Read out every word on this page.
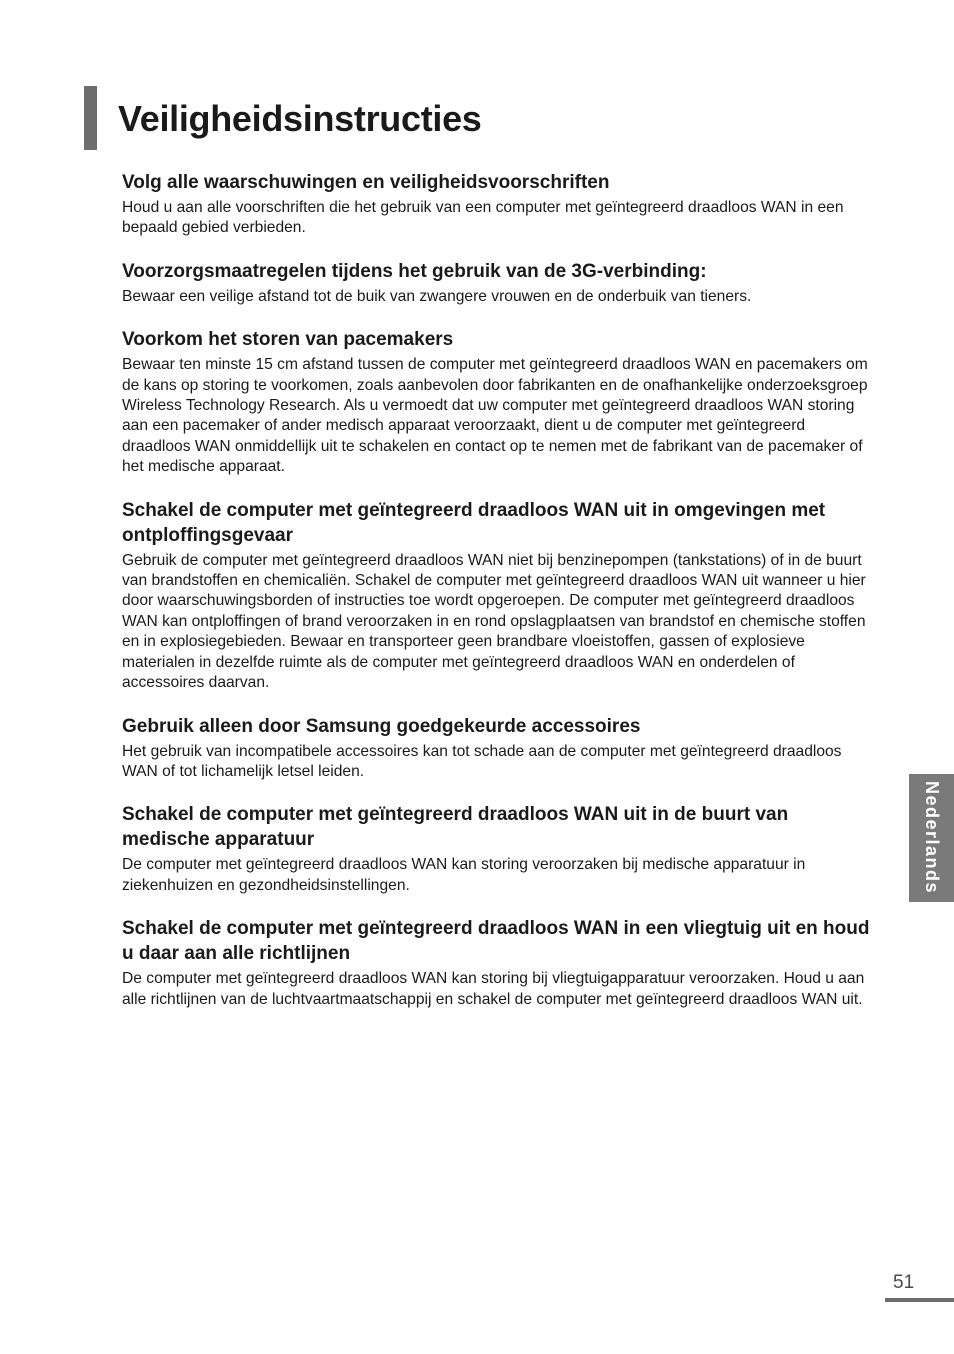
Veiligheidsinstructies
Volg alle waarschuwingen en veiligheidsvoorschriften

Houd u aan alle voorschriften die het gebruik van een computer met geïntegreerd draadloos WAN in een bepaald gebied verbieden.

Voorzorgsmaatregelen tijdens het gebruik van de 3G-verbinding:

Bewaar een veilige afstand tot de buik van zwangere vrouwen en de onderbuik van tieners.

Voorkom het storen van pacemakers

Bewaar ten minste 15 cm afstand tussen de computer met geïntegreerd draadloos WAN en pacemakers om de kans op storing te voorkomen, zoals aanbevolen door fabrikanten en de onafhankelijke onderzoeksgroep Wireless Technology Research. Als u vermoedt dat uw computer met geïntegreerd draadloos WAN storing aan een pacemaker of ander medisch apparaat veroorzaakt, dient u de computer met geïntegreerd draadloos WAN onmiddellijk uit te schakelen en contact op te nemen met de fabrikant van de pacemaker of het medische apparaat.

Schakel de computer met geïntegreerd draadloos WAN uit in omgevingen met ontploffingsgevaar

Gebruik de computer met geïntegreerd draadloos WAN niet bij benzinepompen (tankstations) of in de buurt van brandstoffen en chemicaliën. Schakel de computer met geïntegreerd draadloos WAN uit wanneer u hier door waarschuwingsborden of instructies toe wordt opgeroepen. De computer met geïntegreerd draadloos WAN kan ontploffingen of brand veroorzaken in en rond opslagplaatsen van brandstof en chemische stoffen en in explosiegebieden. Bewaar en transporteer geen brandbare vloeistoffen, gassen of explosieve materialen in dezelfde ruimte als de computer met geïntegreerd draadloos WAN en onderdelen of accessoires daarvan.

Gebruik alleen door Samsung goedgekeurde accessoires

Het gebruik van incompatibele accessoires kan tot schade aan de computer met geïntegreerd draadloos WAN of tot lichamelijk letsel leiden.

Schakel de computer met geïntegreerd draadloos WAN uit in de buurt van medische apparatuur

De computer met geïntegreerd draadloos WAN kan storing veroorzaken bij medische apparatuur in ziekenhuizen en gezondheidsinstellingen.

Schakel de computer met geïntegreerd draadloos WAN in een vliegtuig uit en houd u daar aan alle richtlijnen

De computer met geïntegreerd draadloos WAN kan storing bij vliegtuigapparatuur veroorzaken. Houd u aan alle richtlijnen van de luchtvaartmaatschappij en schakel de computer met geïntegreerd draadloos WAN uit.

Nederlands
51
